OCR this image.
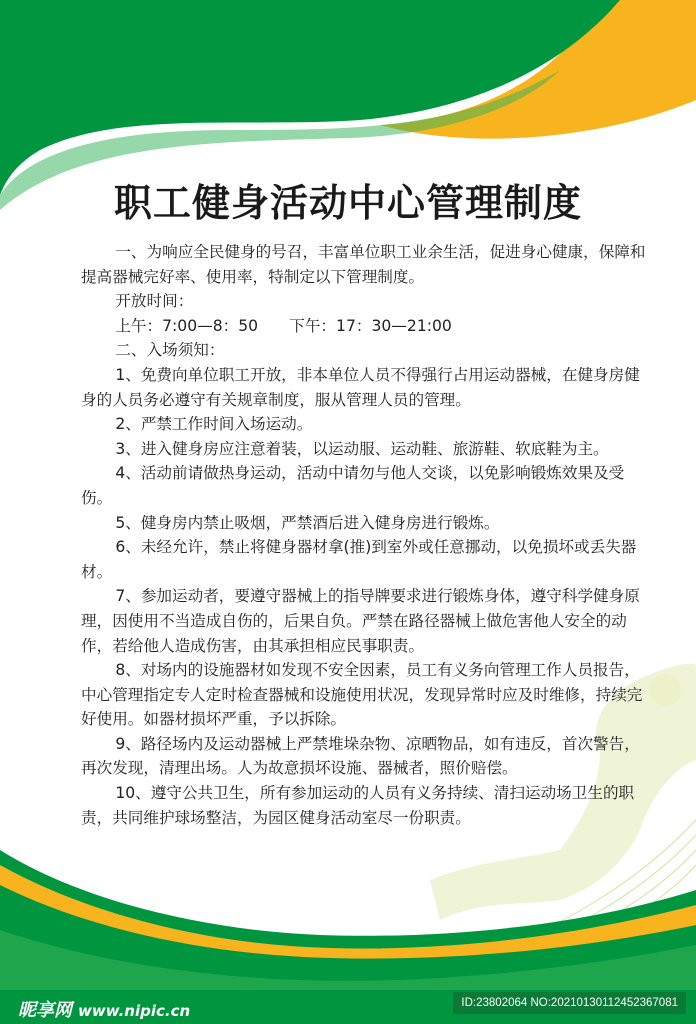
职工健身活动中心管理制度

一、为响应全民健身的号召，丰富单位职工业余生活，促进身心健康，保障和提高器械完好率、使用率，特制定以下管理制度。

开放时间：

上午：7:00—8：50　　下午：17：30—21:00

二、入场须知：

1、免费向单位职工开放，非本单位人员不得强行占用运动器械，在健身房健身的人员务必遵守有关规章制度，服从管理人员的管理。

2、严禁工作时间入场运动。

3、进入健身房应注意着装，以运动服、运动鞋、旅游鞋、软底鞋为主。

4、活动前请做热身运动，活动中请勿与他人交谈，以免影响锻炼效果及受伤。

5、健身房内禁止吸烟，严禁酒后进入健身房进行锻炼。

6、未经允许，禁止将健身器材拿(推)到室外或任意挪动，以免损坏或丢失器材。

7、参加运动者，要遵守器械上的指导牌要求进行锻炼身体，遵守科学健身原理，因使用不当造成自伤的，后果自负。严禁在路径器械上做危害他人安全的动作，若给他人造成伤害，由其承担相应民事职责。

8、对场内的设施器材如发现不安全因素，员工有义务向管理工作人员报告，中心管理指定专人定时检查器械和设施使用状况，发现异常时应及时维修，持续完好使用。如器材损坏严重，予以拆除。

9、路径场内及运动器械上严禁堆垛杂物、凉晒物品，如有违反，首次警告，再次发现，清理出场。人为故意损坏设施、器械者，照价赔偿。

10、遵守公共卫生，所有参加运动的人员有义务持续、清扫运动场卫生的职责，共同维护球场整洁，为园区健身活动室尽一份职责。

昵享网 www.nipic.cn	ID:23802064 NO:20210130112452367081
